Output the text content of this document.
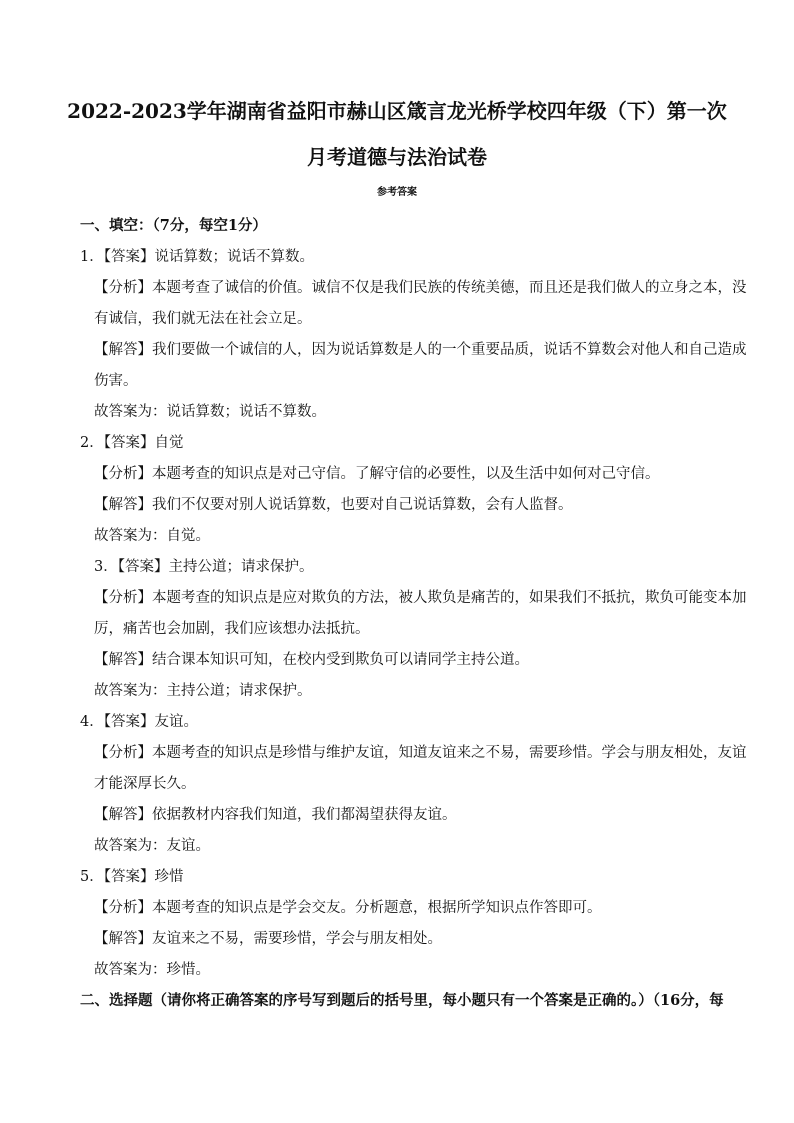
2022-2023学年湖南省益阳市赫山区箴言龙光桥学校四年级（下）第一次
月考道德与法治试卷
参考答案

一、填空：（7分，每空1分）

1．【答案】说话算数；说话不算数。

【分析】本题考查了诚信的价值。诚信不仅是我们民族的传统美德，而且还是我们做人的立身之本，没

有诚信，我们就无法在社会立足。

【解答】我们要做一个诚信的人，因为说话算数是人的一个重要品质，说话不算数会对他人和自己造成

伤害。

故答案为：说话算数；说话不算数。

2．【答案】自觉

【分析】本题考查的知识点是对己守信。了解守信的必要性，以及生活中如何对己守信。

【解答】我们不仅要对别人说话算数，也要对自己说话算数，会有人监督。

故答案为：自觉。

3．【答案】主持公道；请求保护。

【分析】本题考查的知识点是应对欺负的方法，被人欺负是痛苦的，如果我们不抵抗，欺负可能变本加

厉，痛苦也会加剧，我们应该想办法抵抗。

【解答】结合课本知识可知，在校内受到欺负可以请同学主持公道。

故答案为：主持公道；请求保护。

4．【答案】友谊。

【分析】本题考查的知识点是珍惜与维护友谊，知道友谊来之不易，需要珍惜。学会与朋友相处，友谊

才能深厚长久。

【解答】依据教材内容我们知道，我们都渴望获得友谊。

故答案为：友谊。

5．【答案】珍惜

【分析】本题考查的知识点是学会交友。分析题意，根据所学知识点作答即可。

【解答】友谊来之不易，需要珍惜，学会与朋友相处。

故答案为：珍惜。

二、选择题（请你将正确答案的序号写到题后的括号里，每小题只有一个答案是正确的。）（16分，每
